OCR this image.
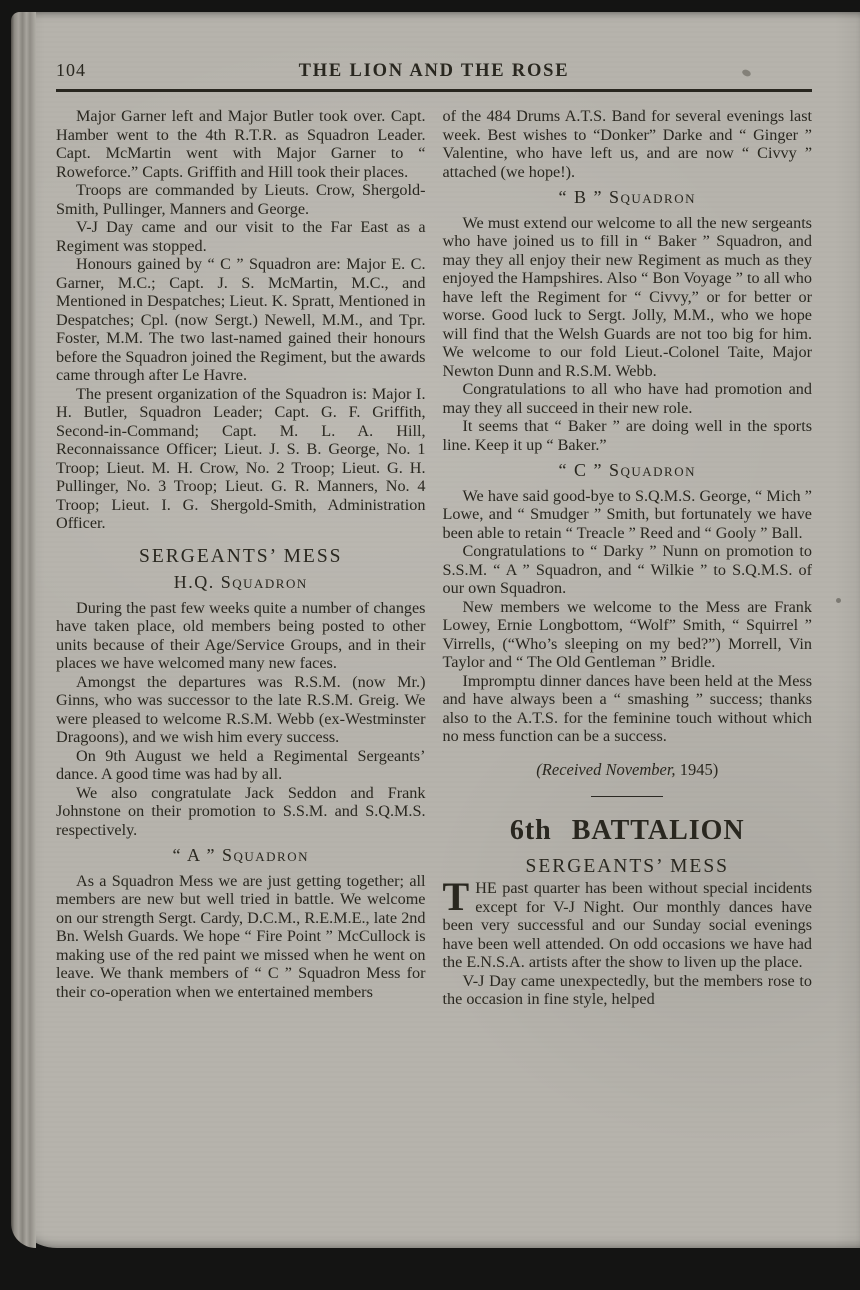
104	THE LION AND THE ROSE

Major Garner left and Major Butler took over. Capt. Hamber went to the 4th R.T.R. as Squadron Leader. Capt. McMartin went with Major Garner to “ Roweforce.” Capts. Griffith and Hill took their places.

Troops are commanded by Lieuts. Crow, Shergold-Smith, Pullinger, Manners and George.

V-J Day came and our visit to the Far East as a Regiment was stopped.

Honours gained by “ C ” Squadron are: Major E. C. Garner, M.C.; Capt. J. S. McMartin, M.C., and Mentioned in Despatches; Lieut. K. Spratt, Mentioned in Despatches; Cpl. (now Sergt.) Newell, M.M., and Tpr. Foster, M.M. The two last-named gained their honours before the Squadron joined the Regiment, but the awards came through after Le Havre.

The present organization of the Squadron is: Major I. H. Butler, Squadron Leader; Capt. G. F. Griffith, Second-in-Command; Capt. M. L. A. Hill, Reconnaissance Officer; Lieut. J. S. B. George, No. 1 Troop; Lieut. M. H. Crow, No. 2 Troop; Lieut. G. H. Pullinger, No. 3 Troop; Lieut. G. R. Manners, No. 4 Troop; Lieut. I. G. Shergold-Smith, Administration Officer.

SERGEANTS’ MESS
H.Q. Squadron

During the past few weeks quite a number of changes have taken place, old members being posted to other units because of their Age/Service Groups, and in their places we have welcomed many new faces.

Amongst the departures was R.S.M. (now Mr.) Ginns, who was successor to the late R.S.M. Greig. We were pleased to welcome R.S.M. Webb (ex-Westminster Dragoons), and we wish him every success.

On 9th August we held a Regimental Sergeants’ dance. A good time was had by all.

We also congratulate Jack Seddon and Frank Johnstone on their promotion to S.S.M. and S.Q.M.S. respectively.

“ A ” Squadron

As a Squadron Mess we are just getting together; all members are new but well tried in battle. We welcome on our strength Sergt. Cardy, D.C.M., R.E.M.E., late 2nd Bn. Welsh Guards. We hope “ Fire Point ” McCullock is making use of the red paint we missed when he went on leave. We thank members of “ C ” Squadron Mess for their co-operation when we entertained members

of the 484 Drums A.T.S. Band for several evenings last week. Best wishes to “Donker” Darke and “ Ginger ” Valentine, who have left us, and are now “ Civvy ” attached (we hope!).

“ B ” Squadron

We must extend our welcome to all the new sergeants who have joined us to fill in “ Baker ” Squadron, and may they all enjoy their new Regiment as much as they enjoyed the Hampshires. Also “ Bon Voyage ” to all who have left the Regiment for “ Civvy,” or for better or worse. Good luck to Sergt. Jolly, M.M., who we hope will find that the Welsh Guards are not too big for him. We welcome to our fold Lieut.-Colonel Taite, Major Newton Dunn and R.S.M. Webb.

Congratulations to all who have had promotion and may they all succeed in their new role.

It seems that “ Baker ” are doing well in the sports line. Keep it up “ Baker.”

“ C ” Squadron

We have said good-bye to S.Q.M.S. George, “ Mich ” Lowe, and “ Smudger ” Smith, but fortunately we have been able to retain “ Treacle ” Reed and “ Gooly ” Ball.

Congratulations to “ Darky ” Nunn on promotion to S.S.M. “ A ” Squadron, and “ Wilkie ” to S.Q.M.S. of our own Squadron.

New members we welcome to the Mess are Frank Lowey, Ernie Longbottom, “Wolf” Smith, “ Squirrel ” Virrells, (“Who’s sleeping on my bed?”) Morrell, Vin Taylor and “ The Old Gentleman ” Bridle.

Impromptu dinner dances have been held at the Mess and have always been a “ smashing ” success; thanks also to the A.T.S. for the feminine touch without which no mess function can be a success.

(Received November, 1945)

6th BATTALION
SERGEANTS’ MESS

THE past quarter has been without special incidents except for V-J Night. Our monthly dances have been very successful and our Sunday social evenings have been well attended. On odd occasions we have had the E.N.S.A. artists after the show to liven up the place.

V-J Day came unexpectedly, but the members rose to the occasion in fine style, helped
